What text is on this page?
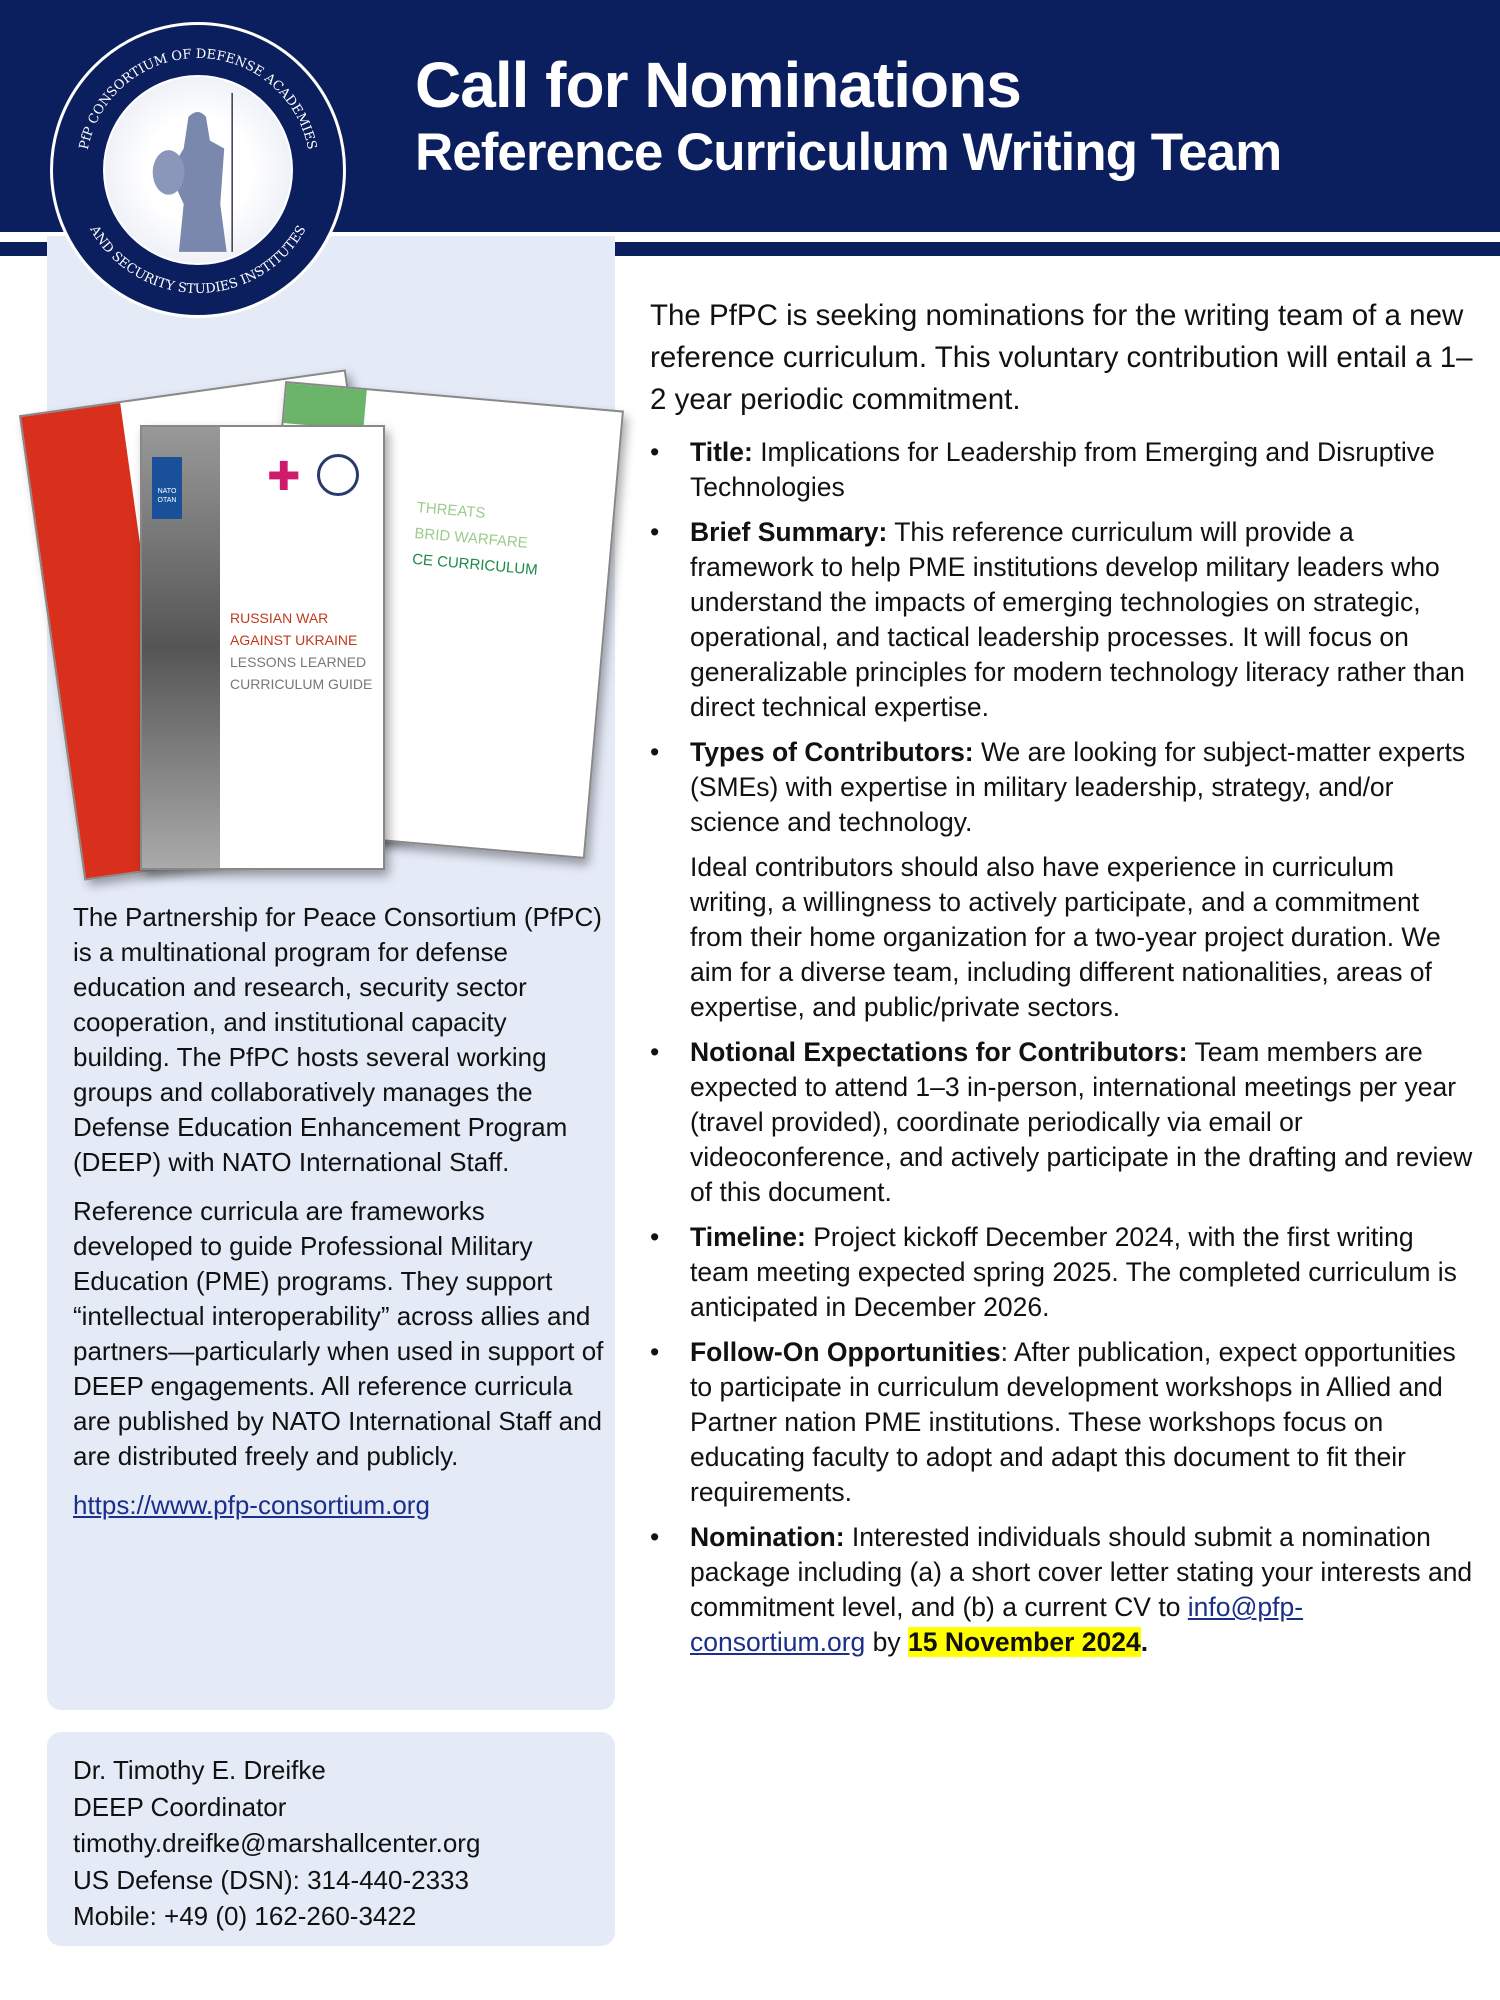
Call for Nominations
Reference Curriculum Writing Team
PfP CONSORTIUM OF DEFENSE ACADEMIES
AND SECURITY STUDIES INSTITUTES
THREATS
BRID WARFARE
CE CURRICULUM
NATO OTAN
✚
RUSSIAN WAR
AGAINST UKRAINE
LESSONS LEARNED
CURRICULUM GUIDE

The Partnership for Peace Consortium (PfPC) is a multinational program for defense education and research, security sector cooperation, and institutional capacity building. The PfPC hosts several working groups and collaboratively manages the Defense Education Enhancement Program (DEEP) with NATO International Staff.

Reference curricula are frameworks developed to guide Professional Military Education (PME) programs. They support “intellectual interoperability” across allies and partners—particularly when used in support of DEEP engagements. All reference curricula are published by NATO International Staff and are distributed freely and publicly.

https://www.pfp-consortium.org
Dr. Timothy E. Dreifke
DEEP Coordinator
timothy.dreifke@marshallcenter.org
US Defense (DSN): 314-440-2333
Mobile: +49 (0) 162-260-3422

The PfPC is seeking nominations for the writing team of a new reference curriculum. This voluntary contribution will entail a 1–2 year periodic commitment.

• Title: Implications for Leadership from Emerging and Disruptive Technologies
• Brief Summary: This reference curriculum will provide a framework to help PME institutions develop military leaders who understand the impacts of emerging technologies on strategic, operational, and tactical leadership processes. It will focus on generalizable principles for modern technology literacy rather than direct technical expertise.
• Types of Contributors: We are looking for subject-matter experts (SMEs) with expertise in military leadership, strategy, and/or science and technology.
Ideal contributors should also have experience in curriculum writing, a willingness to actively participate, and a commitment from their home organization for a two-year project duration. We aim for a diverse team, including different nationalities, areas of expertise, and public/private sectors.
• Notional Expectations for Contributors: Team members are expected to attend 1–3 in-person, international meetings per year (travel provided), coordinate periodically via email or videoconference, and actively participate in the drafting and review of this document.
• Timeline: Project kickoff December 2024, with the first writing team meeting expected spring 2025. The completed curriculum is anticipated in December 2026.
• Follow-On Opportunities: After publication, expect opportunities to participate in curriculum development workshops in Allied and Partner nation PME institutions. These workshops focus on educating faculty to adopt and adapt this document to fit their requirements.
• Nomination: Interested individuals should submit a nomination package including (a) a short cover letter stating your interests and commitment level, and (b) a current CV to info@pfp-consortium.org by 15 November 2024.
